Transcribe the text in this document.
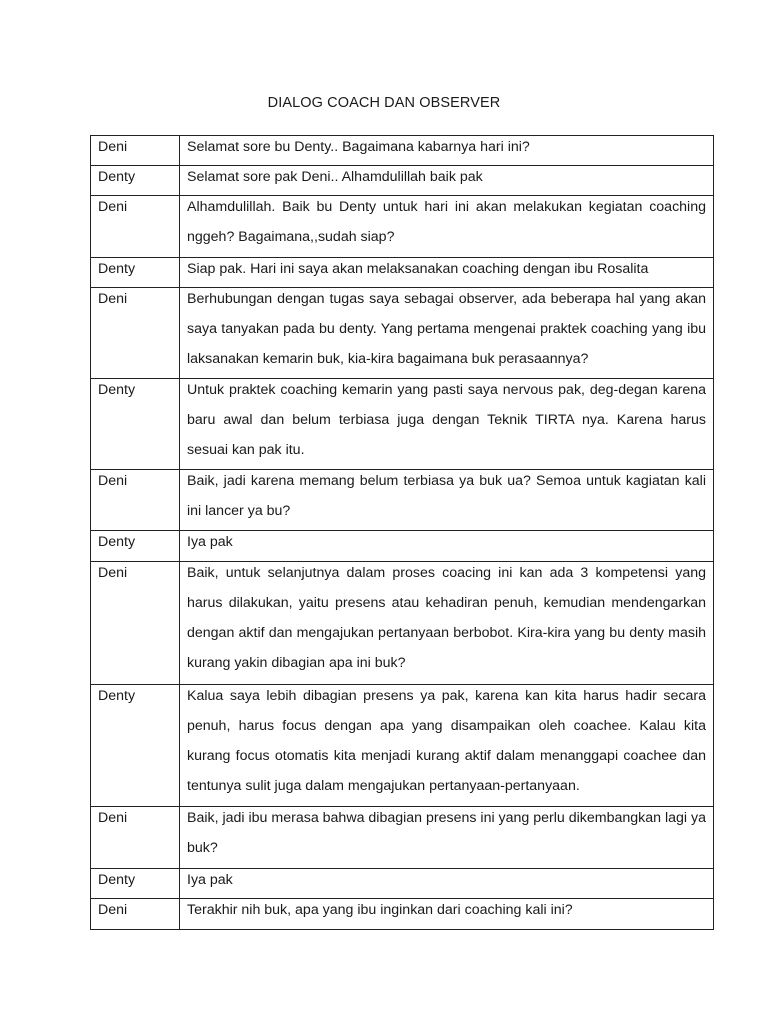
DIALOG COACH DAN OBSERVER
Deni	Selamat sore bu Denty.. Bagaimana kabarnya hari ini?

Denty	Selamat sore pak Deni.. Alhamdulillah baik pak

Deni	Alhamdulillah. Baik bu Denty untuk hari ini akan melakukan kegiatan coaching nggeh? Bagaimana,,sudah siap?

Denty	Siap pak. Hari ini saya akan melaksanakan coaching dengan ibu Rosalita

Deni	Berhubungan dengan tugas saya sebagai observer, ada beberapa hal yang akan saya tanyakan pada bu denty. Yang pertama mengenai praktek coaching yang ibu laksanakan kemarin buk, kia-kira bagaimana buk perasaannya?

Denty	Untuk praktek coaching kemarin yang pasti saya nervous pak, deg-degan karena baru awal dan belum terbiasa juga dengan Teknik TIRTA nya. Karena harus sesuai kan pak itu.

Deni	Baik, jadi karena memang belum terbiasa ya buk ua? Semoa untuk kagiatan kali ini lancer ya bu?

Denty	Iya pak

Deni	Baik, untuk selanjutnya dalam proses coacing ini kan ada 3 kompetensi yang harus dilakukan, yaitu presens atau kehadiran penuh, kemudian mendengarkan dengan aktif dan mengajukan pertanyaan berbobot. Kira-kira yang bu denty masih kurang yakin dibagian apa ini buk?

Denty	Kalua saya lebih dibagian presens ya pak, karena kan kita harus hadir secara penuh, harus focus dengan apa yang disampaikan oleh coachee. Kalau kita kurang focus otomatis kita menjadi kurang aktif dalam menanggapi coachee dan tentunya sulit juga dalam mengajukan pertanyaan-pertanyaan.

Deni	Baik, jadi ibu merasa bahwa dibagian presens ini yang perlu dikembangkan lagi ya buk?

Denty	Iya pak

Deni	Terakhir nih buk, apa yang ibu inginkan dari coaching kali ini?
